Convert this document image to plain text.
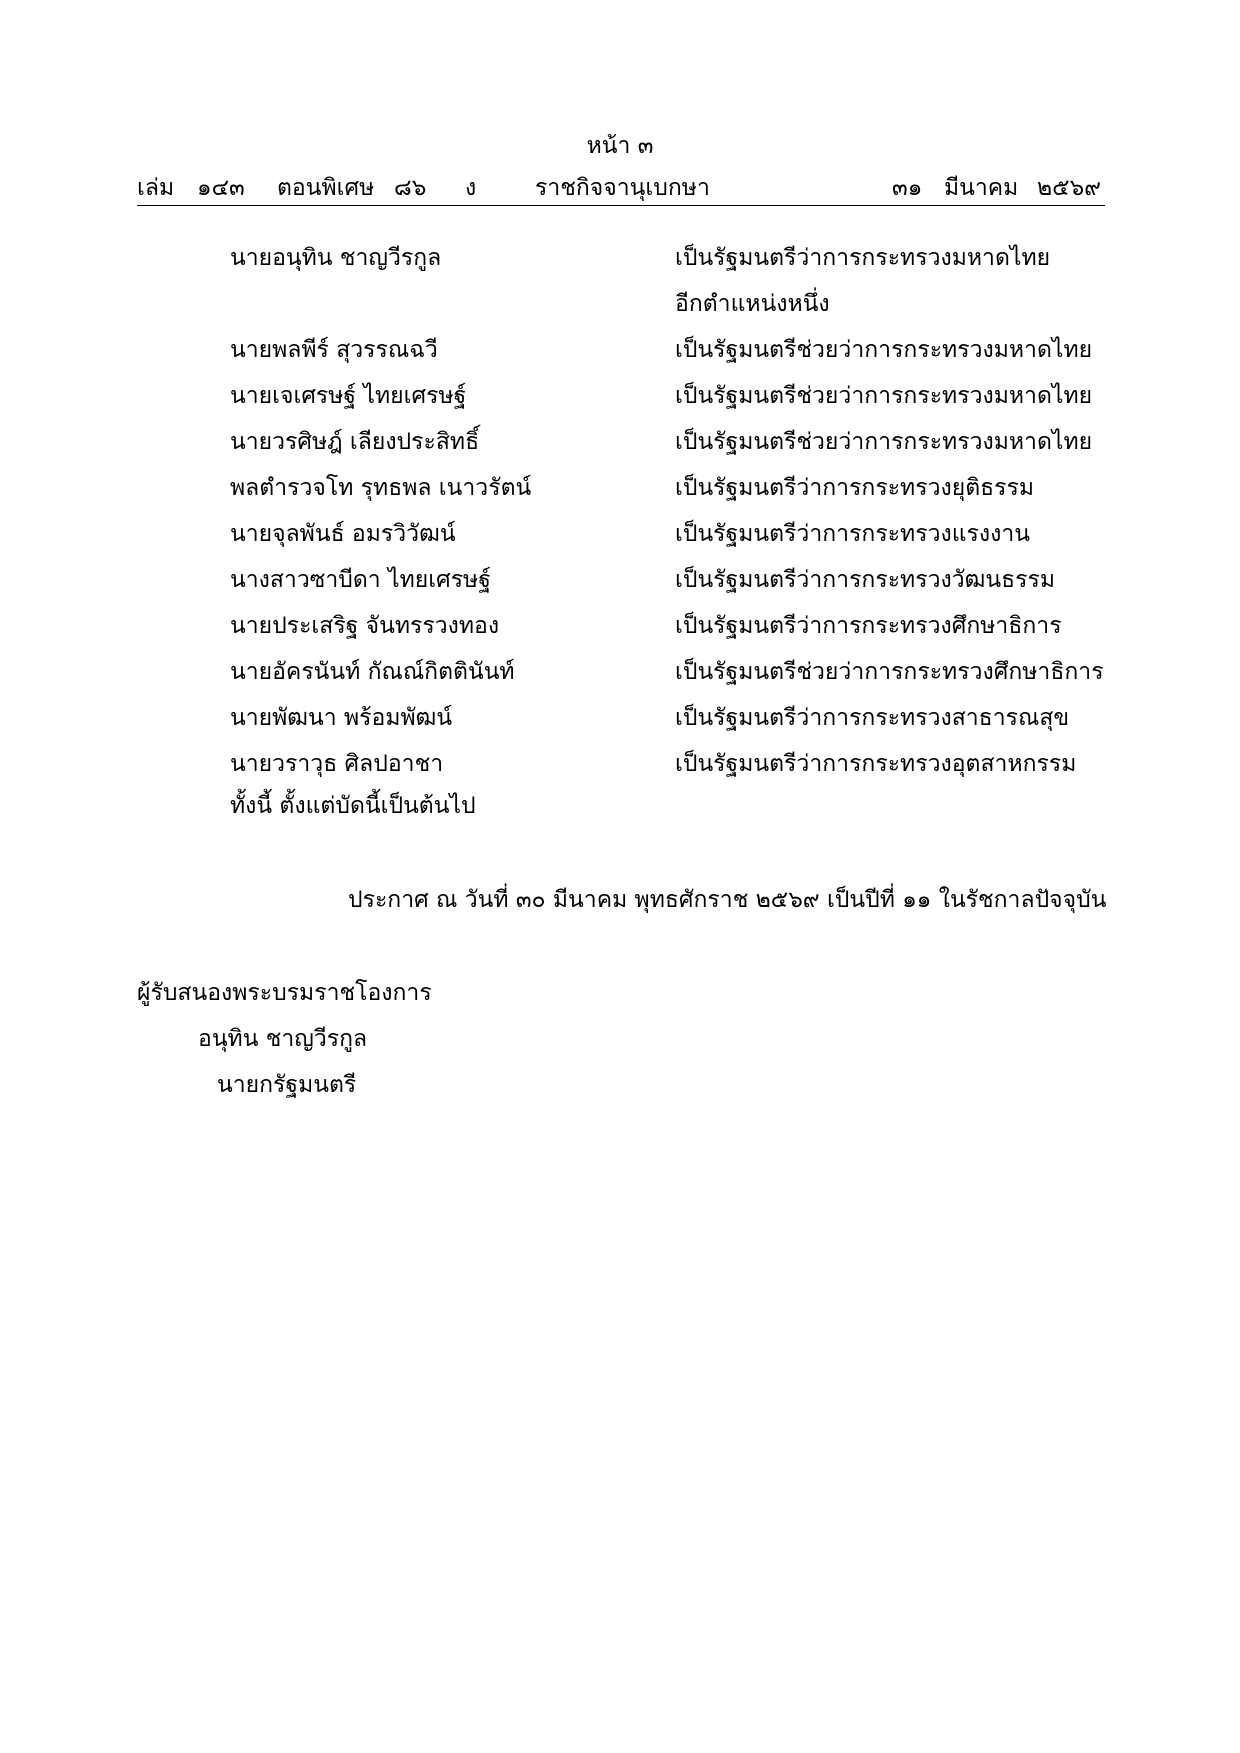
หน้า ๓
เล่ม ๑๔๓ ตอนพิเศษ ๘๖ ง	ราชกิจจานุเบกษา	๓๑ มีนาคม ๒๕๖๙
นายอนุทิน ชาญวีรกูล	เป็นรัฐมนตรีว่าการกระทรวงมหาดไทย
อีกตำแหน่งหนึ่ง
นายพลพีร์ สุวรรณฉวี	เป็นรัฐมนตรีช่วยว่าการกระทรวงมหาดไทย
นายเจเศรษฐ์ ไทยเศรษฐ์	เป็นรัฐมนตรีช่วยว่าการกระทรวงมหาดไทย
นายวรศิษฎ์ เลียงประสิทธิ์	เป็นรัฐมนตรีช่วยว่าการกระทรวงมหาดไทย
พลตำรวจโท รุทธพล เนาวรัตน์	เป็นรัฐมนตรีว่าการกระทรวงยุติธรรม
นายจุลพันธ์ อมรวิวัฒน์	เป็นรัฐมนตรีว่าการกระทรวงแรงงาน
นางสาวซาบีดา ไทยเศรษฐ์	เป็นรัฐมนตรีว่าการกระทรวงวัฒนธรรม
นายประเสริฐ จันทรรวงทอง	เป็นรัฐมนตรีว่าการกระทรวงศึกษาธิการ
นายอัครนันท์ กัณณ์กิตตินันท์	เป็นรัฐมนตรีช่วยว่าการกระทรวงศึกษาธิการ
นายพัฒนา พร้อมพัฒน์	เป็นรัฐมนตรีว่าการกระทรวงสาธารณสุข
นายวราวุธ ศิลปอาชา	เป็นรัฐมนตรีว่าการกระทรวงอุตสาหกรรม
ทั้งนี้ ตั้งแต่บัดนี้เป็นต้นไป
ประกาศ ณ วันที่ ๓๐ มีนาคม พุทธศักราช ๒๕๖๙ เป็นปีที่ ๑๑ ในรัชกาลปัจจุบัน
ผู้รับสนองพระบรมราชโองการ
อนุทิน ชาญวีรกูล
นายกรัฐมนตรี
